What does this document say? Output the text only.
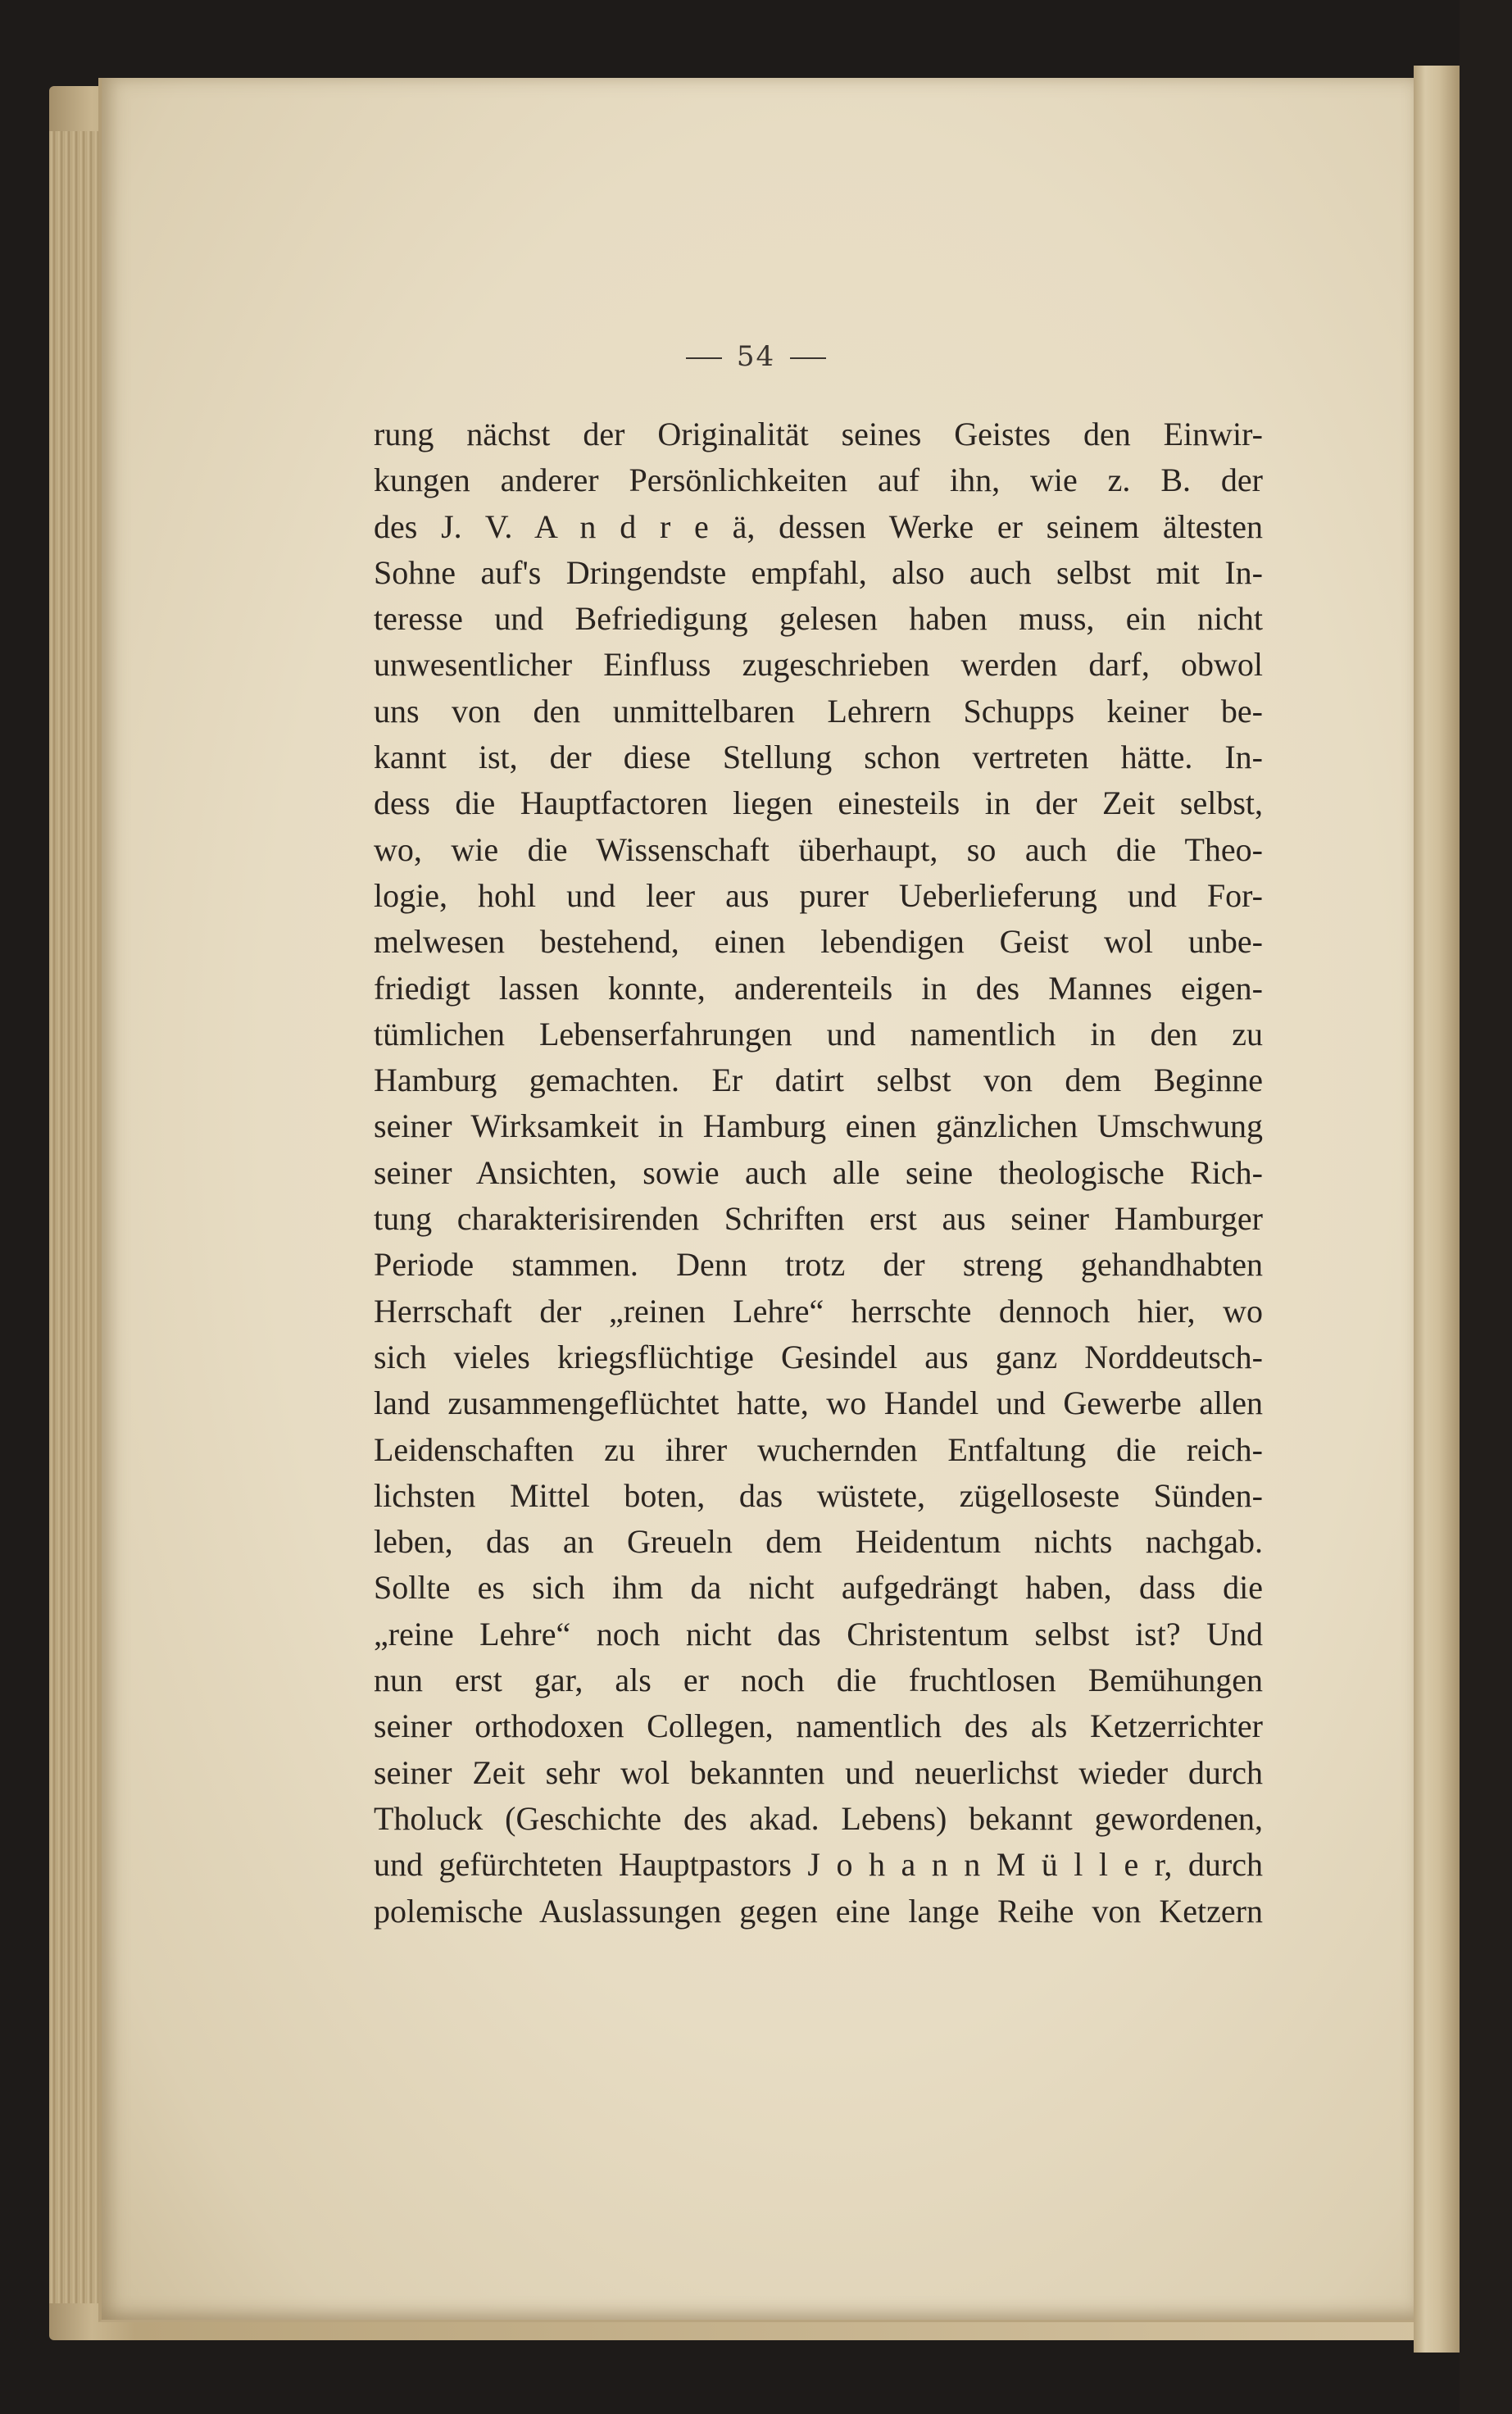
54
rung nächst der Originalität seines Geistes den Einwir-
kungen anderer Persönlichkeiten auf ihn, wie z. B. der
des J. V. A n d r e ä, dessen Werke er seinem ältesten
Sohne auf's Dringendste empfahl, also auch selbst mit In-
teresse und Befriedigung gelesen haben muss, ein nicht
unwesentlicher Einfluss zugeschrieben werden darf, obwol
uns von den unmittelbaren Lehrern Schupps keiner be-
kannt ist, der diese Stellung schon vertreten hätte. In-
dess die Hauptfactoren liegen einesteils in der Zeit selbst,
wo, wie die Wissenschaft überhaupt, so auch die Theo-
logie, hohl und leer aus purer Ueberlieferung und For-
melwesen bestehend, einen lebendigen Geist wol unbe-
friedigt lassen konnte, anderenteils in des Mannes eigen-
tümlichen Lebenserfahrungen und namentlich in den zu
Hamburg gemachten. Er datirt selbst von dem Beginne
seiner Wirksamkeit in Hamburg einen gänzlichen Umschwung
seiner Ansichten, sowie auch alle seine theologische Rich-
tung charakterisirenden Schriften erst aus seiner Hamburger
Periode stammen. Denn trotz der streng gehandhabten
Herrschaft der „reinen Lehre“ herrschte dennoch hier, wo
sich vieles kriegsflüchtige Gesindel aus ganz Norddeutsch-
land zusammengeflüchtet hatte, wo Handel und Gewerbe allen
Leidenschaften zu ihrer wuchernden Entfaltung die reich-
lichsten Mittel boten, das wüstete, zügelloseste Sünden-
leben, das an Greueln dem Heidentum nichts nachgab.
Sollte es sich ihm da nicht aufgedrängt haben, dass die
„reine Lehre“ noch nicht das Christentum selbst ist? Und
nun erst gar, als er noch die fruchtlosen Bemühungen
seiner orthodoxen Collegen, namentlich des als Ketzerrichter
seiner Zeit sehr wol bekannten und neuerlichst wieder durch
Tholuck (Geschichte des akad. Lebens) bekannt gewordenen,
und gefürchteten Hauptpastors J o h a n n M ü l l e r, durch
polemische Auslassungen gegen eine lange Reihe von Ketzern
